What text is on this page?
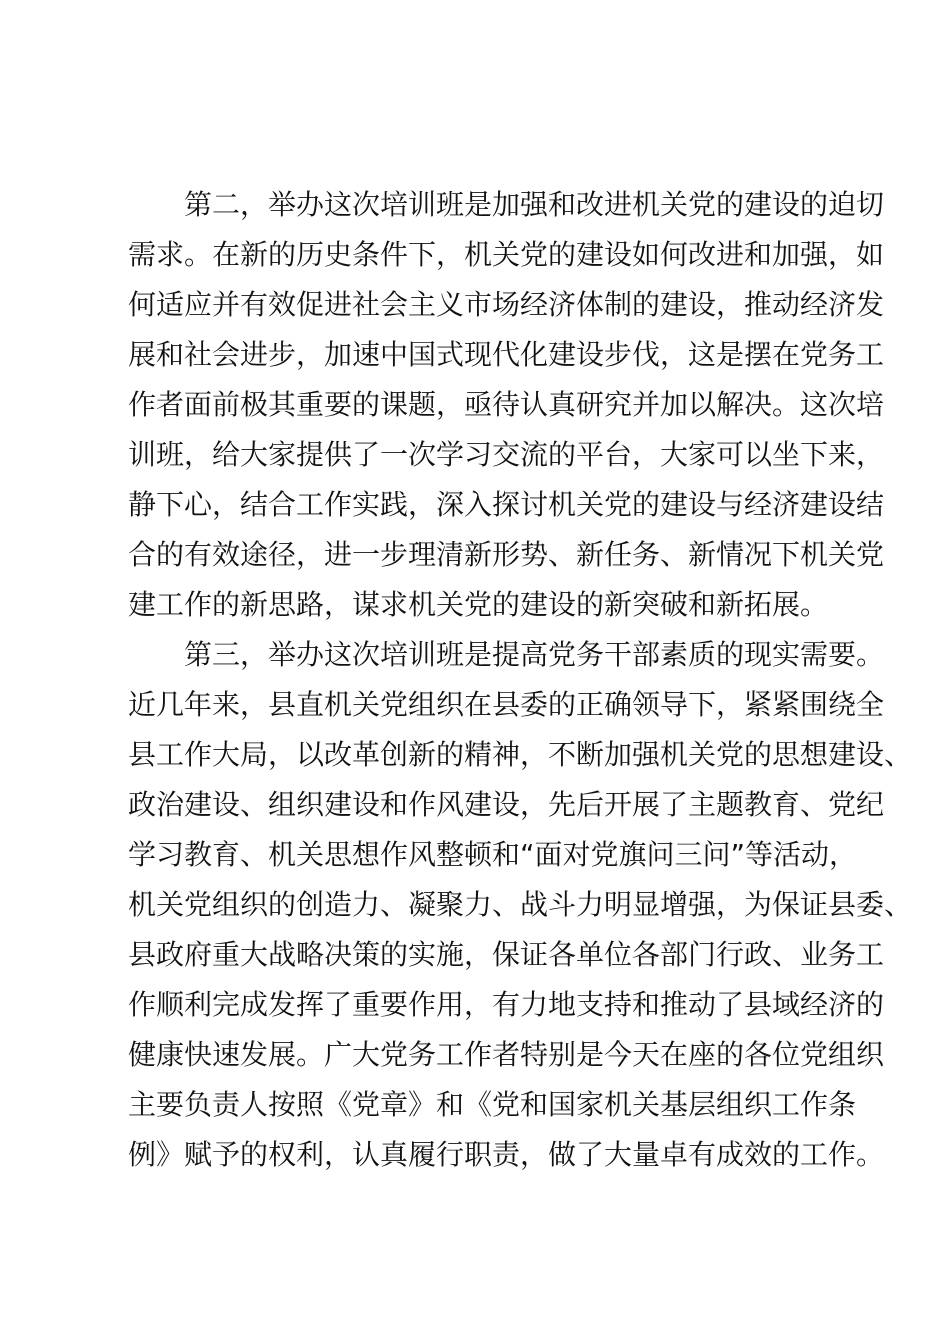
　　第二，举办这次培训班是加强和改进机关党的建设的迫切
需求。在新的历史条件下，机关党的建设如何改进和加强，如
何适应并有效促进社会主义市场经济体制的建设，推动经济发
展和社会进步，加速中国式现代化建设步伐，这是摆在党务工
作者面前极其重要的课题，亟待认真研究并加以解决。这次培
训班，给大家提供了一次学习交流的平台，大家可以坐下来，
静下心，结合工作实践，深入探讨机关党的建设与经济建设结
合的有效途径，进一步理清新形势、新任务、新情况下机关党
建工作的新思路，谋求机关党的建设的新突破和新拓展。
　　第三，举办这次培训班是提高党务干部素质的现实需要。
近几年来，县直机关党组织在县委的正确领导下，紧紧围绕全
县工作大局，以改革创新的精神，不断加强机关党的思想建设、
政治建设、组织建设和作风建设，先后开展了主题教育、党纪
学习教育、机关思想作风整顿和“面对党旗问三问”等活动，
机关党组织的创造力、凝聚力、战斗力明显增强，为保证县委、
县政府重大战略决策的实施，保证各单位各部门行政、业务工
作顺利完成发挥了重要作用，有力地支持和推动了县域经济的
健康快速发展。广大党务工作者特别是今天在座的各位党组织
主要负责人按照《党章》和《党和国家机关基层组织工作条
例》赋予的权利，认真履行职责，做了大量卓有成效的工作。
